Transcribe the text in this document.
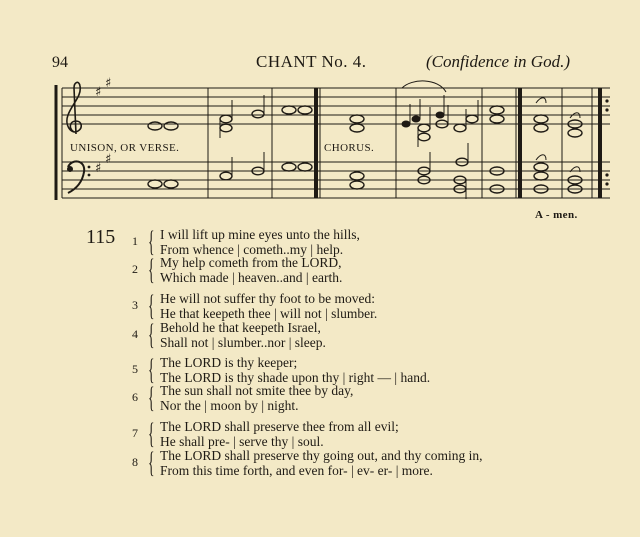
94	CHANT No. 4.	(Confidence in God.)
♯
♯
♯
♯
UNISON, OR VERSE.	CHORUS.
A - men.
115 1 { I will lift up mine eyes unto the hills,
From whence | cometh..my | help.
2 { My help cometh from the LORD,
Which made | heaven..and | earth.
3 { He will not suffer thy foot to be moved:
He that keepeth thee | will not | slumber.
4 { Behold he that keepeth Israel,
Shall not | slumber..nor | sleep.
5 { The LORD is thy keeper;
The LORD is thy shade upon thy | right — | hand.
6 { The sun shall not smite thee by day,
Nor the | moon by | night.
7 { The LORD shall preserve thee from all evil;
He shall pre- | serve thy | soul.
8 { The LORD shall preserve thy going out, and thy coming in,
From this time forth, and even for- | ev- er- | more.
